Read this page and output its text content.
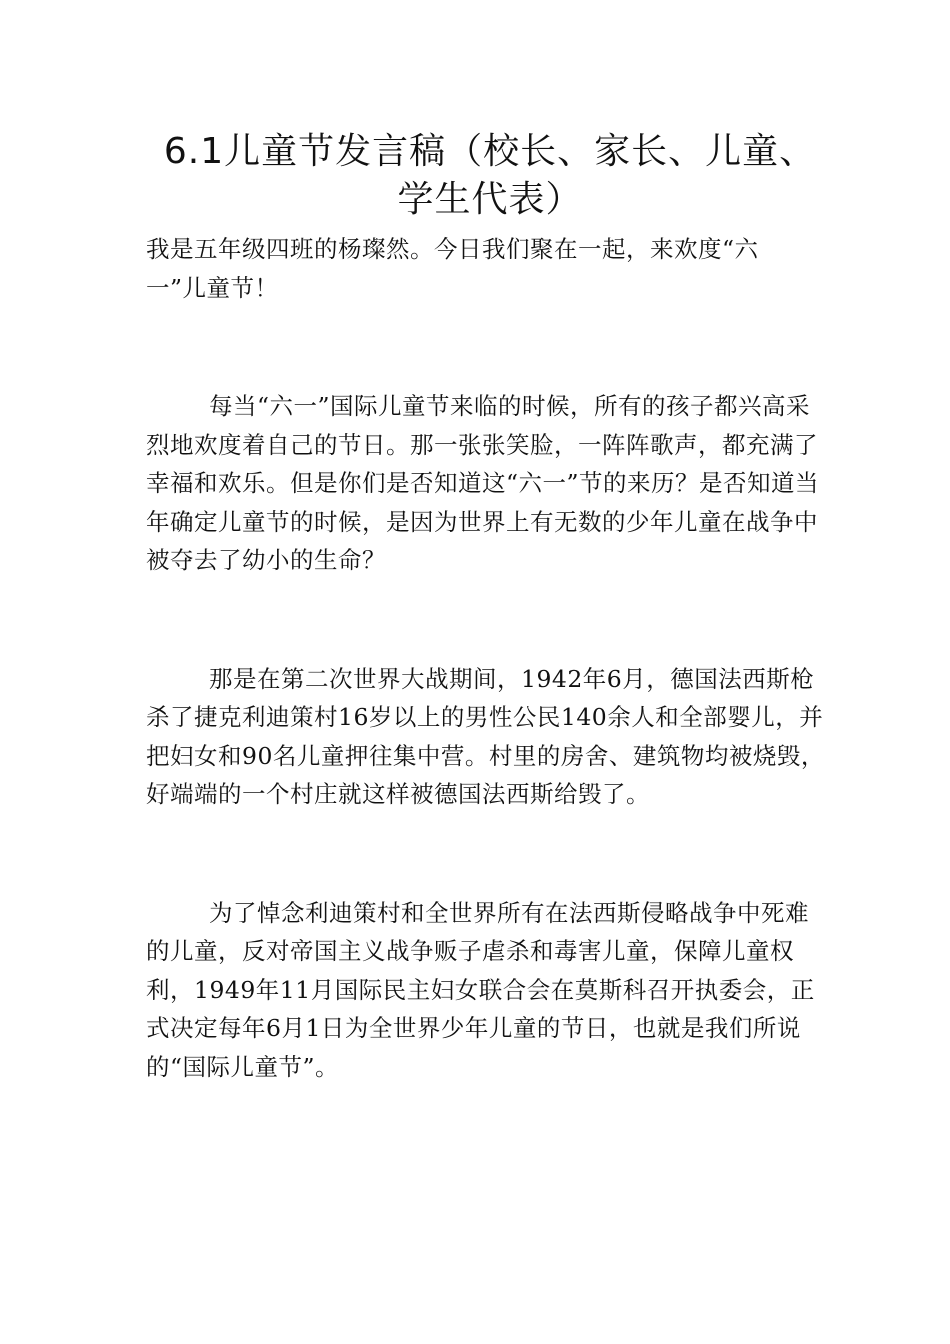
6.1儿童节发言稿（校长、家长、儿童、
学生代表）

我是五年级四班的杨璨然。今日我们聚在一起，来欢度“六 一”儿童节！

每当“六一”国际儿童节来临的时候，所有的孩子都兴高采烈地欢度着自己的节日。那一张张笑脸，一阵阵歌声，都充满了幸福和欢乐。但是你们是否知道这“六一”节的来历？是否知道当年确定儿童节的时候，是因为世界上有无数的少年儿童在战争中被夺去了幼小的生命？

那是在第二次世界大战期间，1942年6月，德国法西斯枪杀了捷克利迪策村16岁以上的男性公民140余人和全部婴儿，并把妇女和90名儿童押往集中营。村里的房舍、建筑物均被烧毁，好端端的一个村庄就这样被德国法西斯给毁了。

为了悼念利迪策村和全世界所有在法西斯侵略战争中死难的儿童，反对帝国主义战争贩子虐杀和毒害儿童，保障儿童权利，1949年11月国际民主妇女联合会在莫斯科召开执委会，正式决定每年6月1日为全世界少年儿童的节日，也就是我们所说的“国际儿童节”。
